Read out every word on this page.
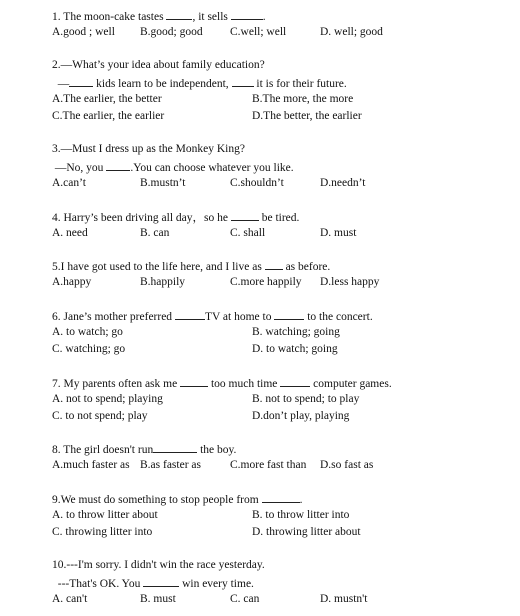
1. The moon-cake tastes , it sells	.
A.good ; well B.good; good C.well; well	D. well; good
2.—What’s your idea about family education?
— kids learn to be independent,  it is for their future.
A.The earlier, the better	B.The more, the more
C.The earlier, the earlier	D.The better, the earlier
3.—Must I dress up as the Monkey King?
—No, you .You can choose whatever you like.
A.can’t	B.mustn’t	C.shouldn’t	D.needn’t
4. Harry’s been driving all day，so he  be tired.
A. need	B. can	C. shall	D. must
5.I have got used to the life here, and I live as  as before.
A.happy	B.happily	C.more happily D.less happy
6. Jane’s mother preferred	TV at home to	to the concert.
A. to watch; go	B. watching; going
C. watching; go	D. to watch; going
7. My parents often ask me  too much time	computer games.
A. not to spend; playing	B. not to spend; to play
C. to not spend; play	D.don’t play, playing
8. The girl doesn't run	the boy.
A.much faster as B.as faster as	C.more fast than D.so fast as
9.We must do something to stop people from	.
A. to throw litter about	B. to throw litter into
C. throwing litter into	D. throwing litter about
10.---I'm sorry. I didn't win the race yesterday.
---That's OK. You	win every time.
A. can't	B. must	C. can	D. mustn't
